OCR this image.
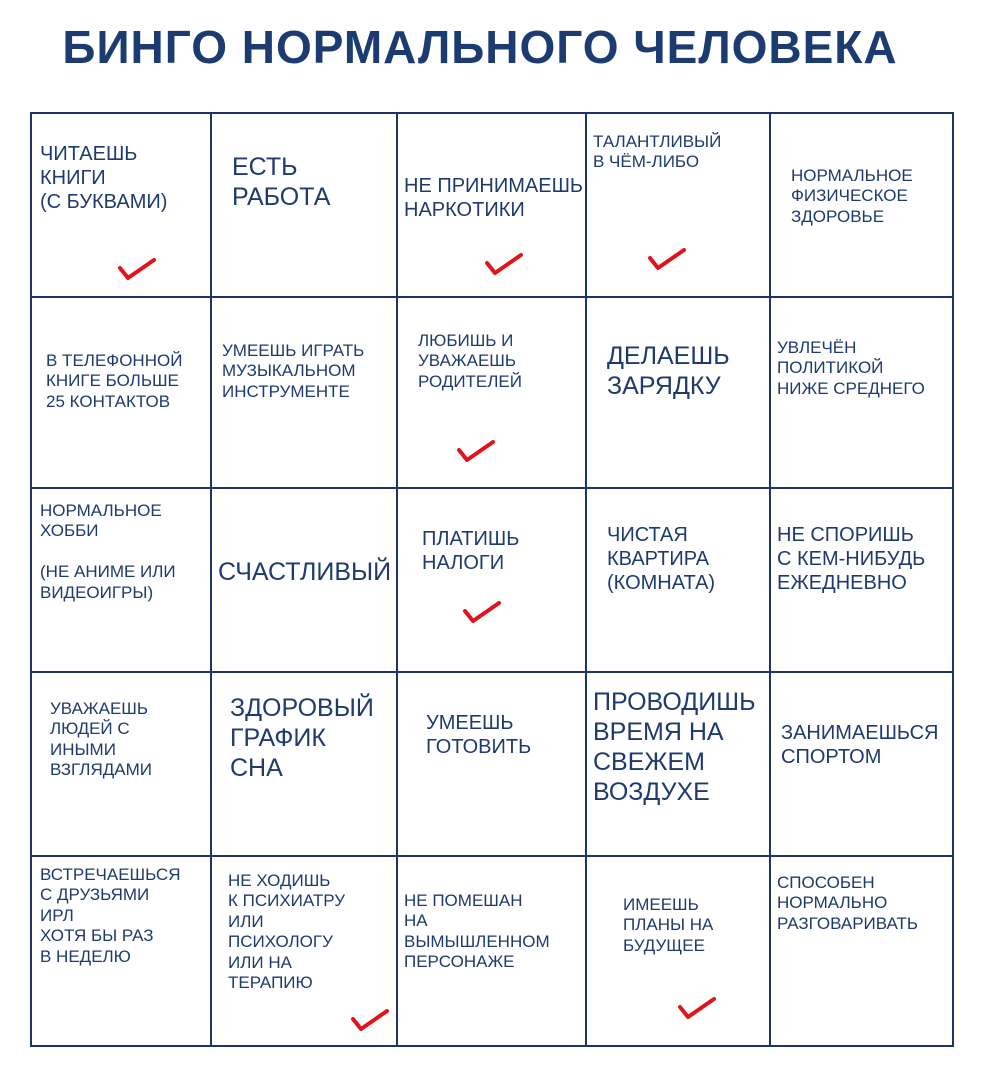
БИНГО НОРМАЛЬНОГО ЧЕЛОВЕКА
ЧИТАЕШЬ
КНИГИ
(С БУКВАМИ)
ЕСТЬ
РАБОТА	НЕ ПРИНИМАЕШЬ
НАРКОТИКИ
ТАЛАНТЛИВЫЙ
В ЧЁМ-ЛИБО
НОРМАЛЬНОЕ
ФИЗИЧЕСКОЕ
ЗДОРОВЬЕ
В ТЕЛЕФОННОЙ
КНИГЕ БОЛЬШЕ
25 КОНТАКТОВ
УМЕЕШЬ ИГРАТЬ
МУЗЫКАЛЬНОМ
ИНСТРУМЕНТЕ
ЛЮБИШЬ И
УВАЖАЕШЬ
РОДИТЕЛЕЙ
ДЕЛАЕШЬ
ЗАРЯДКУ
УВЛЕЧЁН
ПОЛИТИКОЙ
НИЖЕ СРЕДНЕГО
НОРМАЛЬНОЕ
ХОББИ

(НЕ АНИМЕ ИЛИ
ВИДЕОИГРЫ)
СЧАСТЛИВЫЙ
ПЛАТИШЬ
НАЛОГИ
ЧИСТАЯ
КВАРТИРА
(КОМНАТА)
НЕ СПОРИШЬ
С КЕМ-НИБУДЬ
ЕЖЕДНЕВНО
УВАЖАЕШЬ
ЛЮДЕЙ С
ИНЫМИ
ВЗГЛЯДАМИ
ЗДОРОВЫЙ
ГРАФИК
СНА
УМЕЕШЬ
ГОТОВИТЬ
ПРОВОДИШЬ
ВРЕМЯ НА
СВЕЖЕМ
ВОЗДУХЕ
ЗАНИМАЕШЬСЯ
СПОРТОМ
ВСТРЕЧАЕШЬСЯ
С ДРУЗЬЯМИ
ИРЛ
ХОТЯ БЫ РАЗ
В НЕДЕЛЮ
НЕ ХОДИШЬ
К ПСИХИАТРУ
ИЛИ
ПСИХОЛОГУ
ИЛИ НА
ТЕРАПИЮ
НЕ ПОМЕШАН
НА
ВЫМЫШЛЕННОМ
ПЕРСОНАЖЕ
ИМЕЕШЬ
ПЛАНЫ НА
БУДУЩЕЕ
СПОСОБЕН
НОРМАЛЬНО
РАЗГОВАРИВАТЬ
